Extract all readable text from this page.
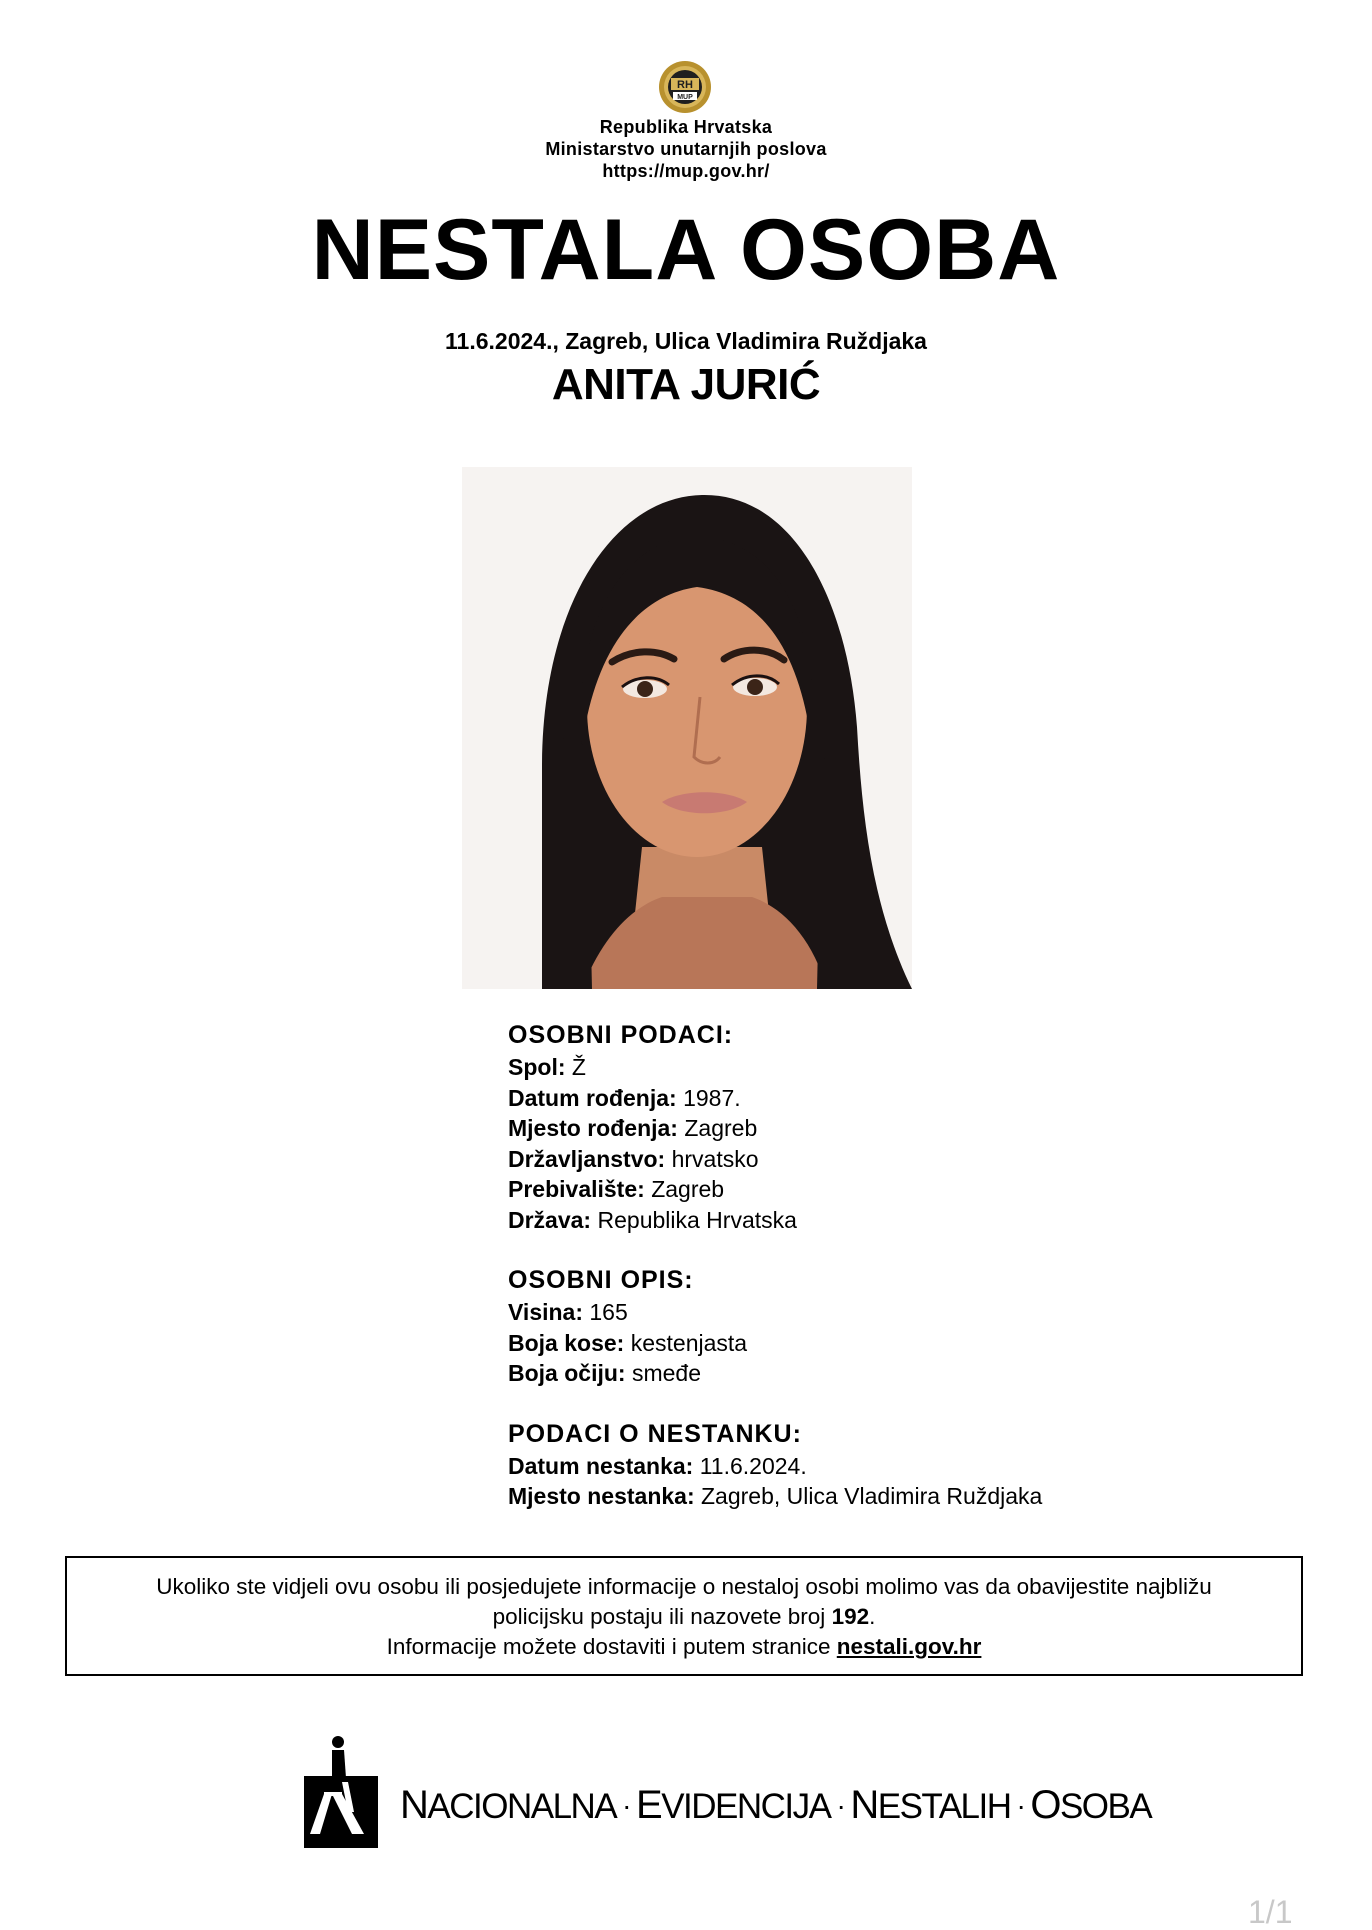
RH
MUP
Republika Hrvatska
Ministarstvo unutarnjih poslova
https://mup.gov.hr/
NESTALA OSOBA
11.6.2024., Zagreb, Ulica Vladimira Ruždjaka
ANITA JURIĆ

OSOBNI PODACI:

Spol: Ž

Datum rođenja: 1987.

Mjesto rođenja: Zagreb

Državljanstvo: hrvatsko

Prebivalište: Zagreb

Država: Republika Hrvatska

OSOBNI OPIS:

Visina: 165

Boja kose: kestenjasta

Boja očiju: smeđe

PODACI O NESTANKU:

Datum nestanka: 11.6.2024.

Mjesto nestanka: Zagreb, Ulica Vladimira Ruždjaka

Ukoliko ste vidjeli ovu osobu ili posjedujete informacije o nestaloj osobi molimo vas da obavijestite najbližu

policijsku postaju ili nazovete broj 192.

Informacije možete dostaviti i putem stranice nestali.gov.hr

NACIONALNA · EVIDENCIJA · NESTALIH · OSOBA
1/1
